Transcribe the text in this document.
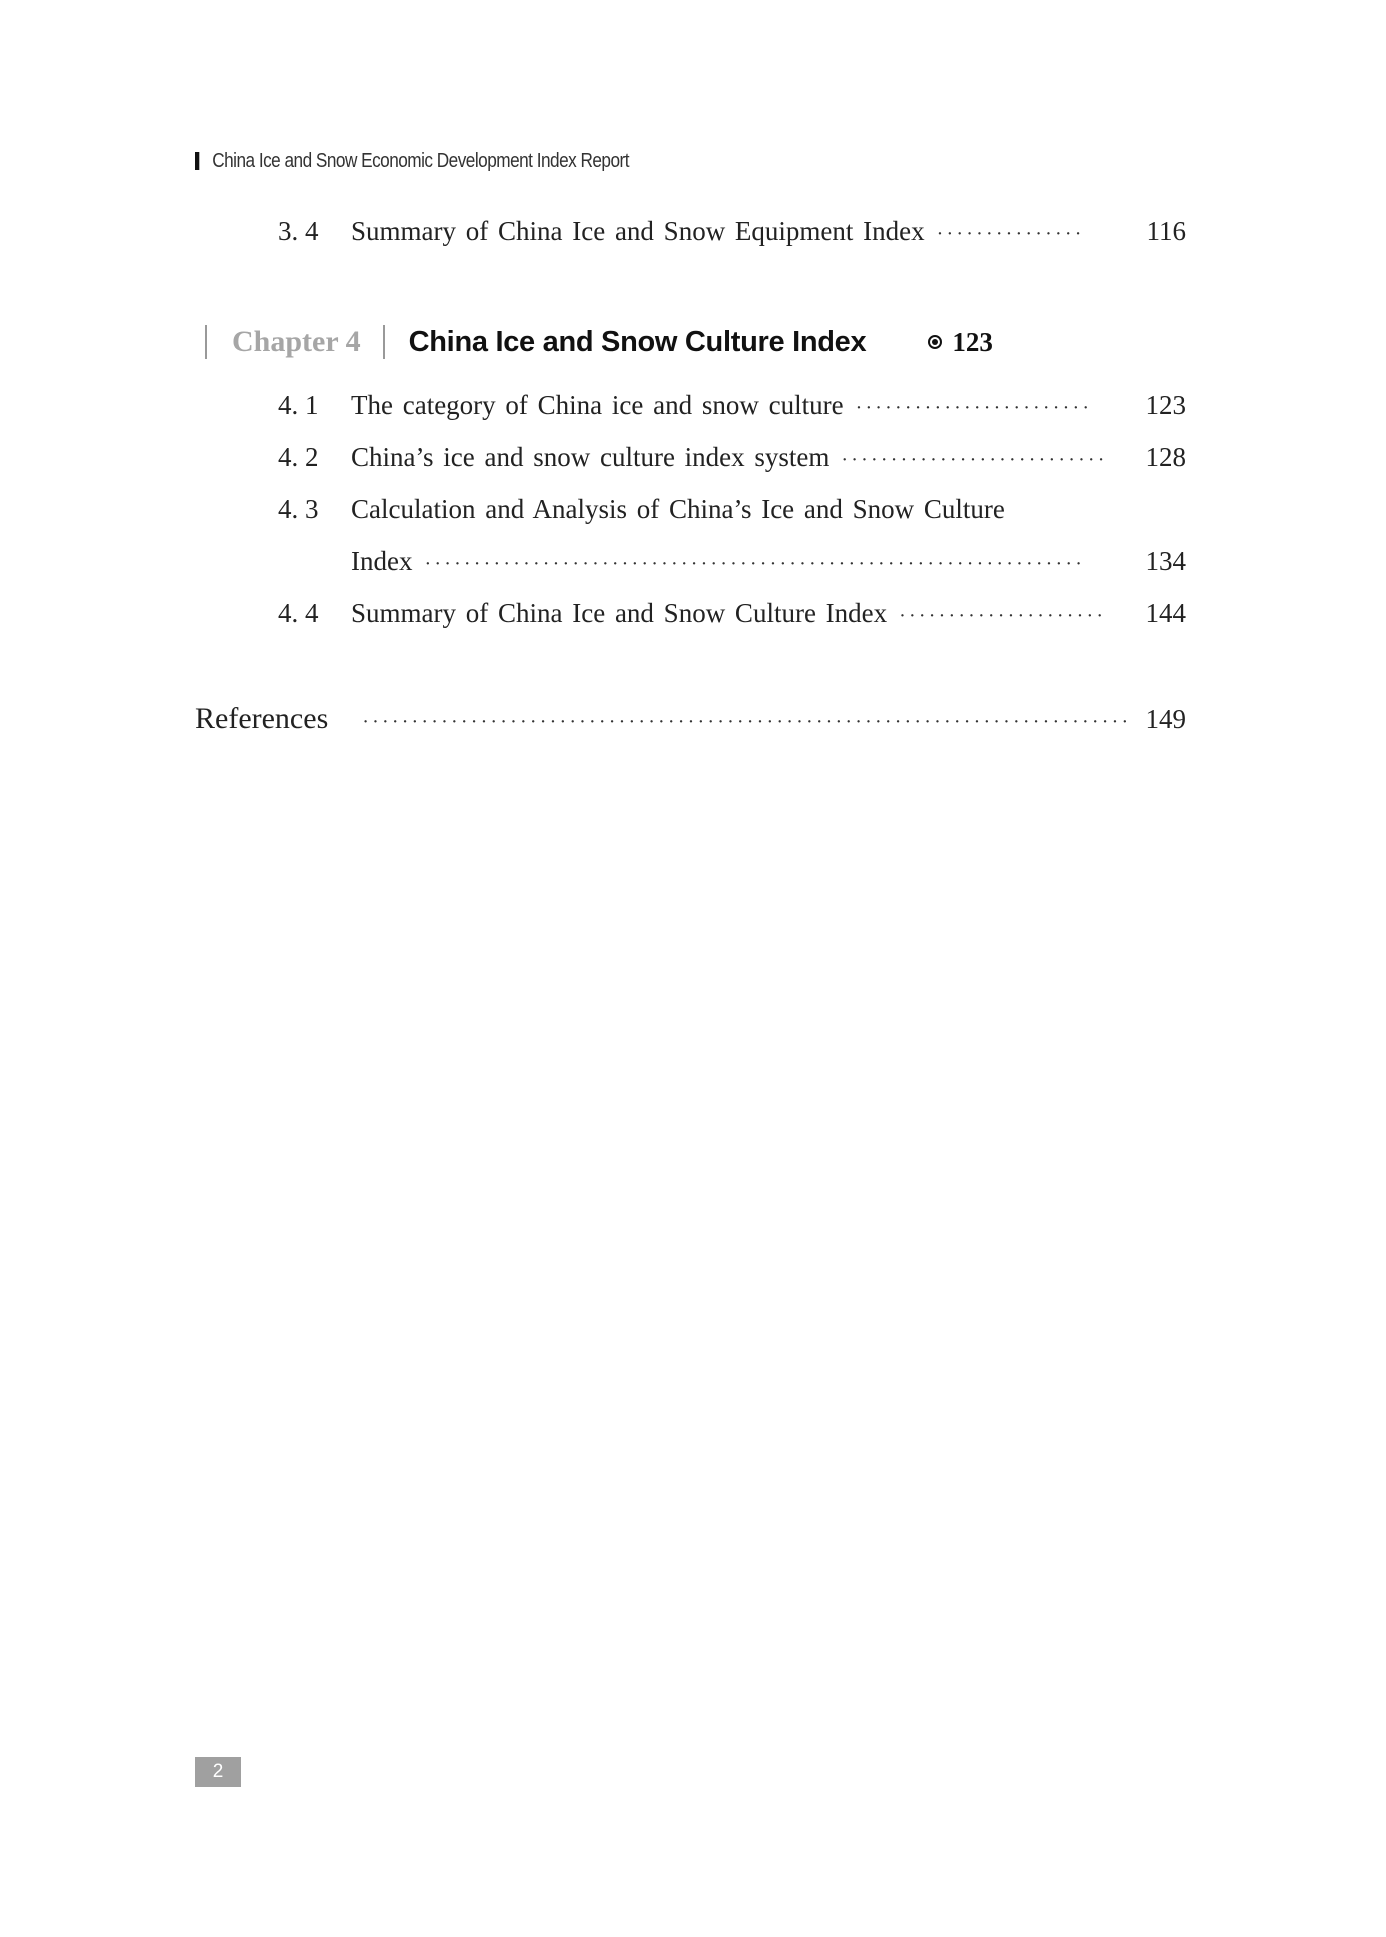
China Ice and Snow Economic Development Index Report
3. 4	Summary of China Ice and Snow Equipment Index ···············	116
Chapter 4 China Ice and Snow Culture Index	123
4. 1	The category of China ice and snow culture ························	123
4. 2	China’s ice and snow culture index system ···························	128
4. 3	Calculation and Analysis of China’s Ice and Snow Culture
Index ···································································	134
4. 4	Summary of China Ice and Snow Culture Index ·····················	144
References ·············································································· 149
2
